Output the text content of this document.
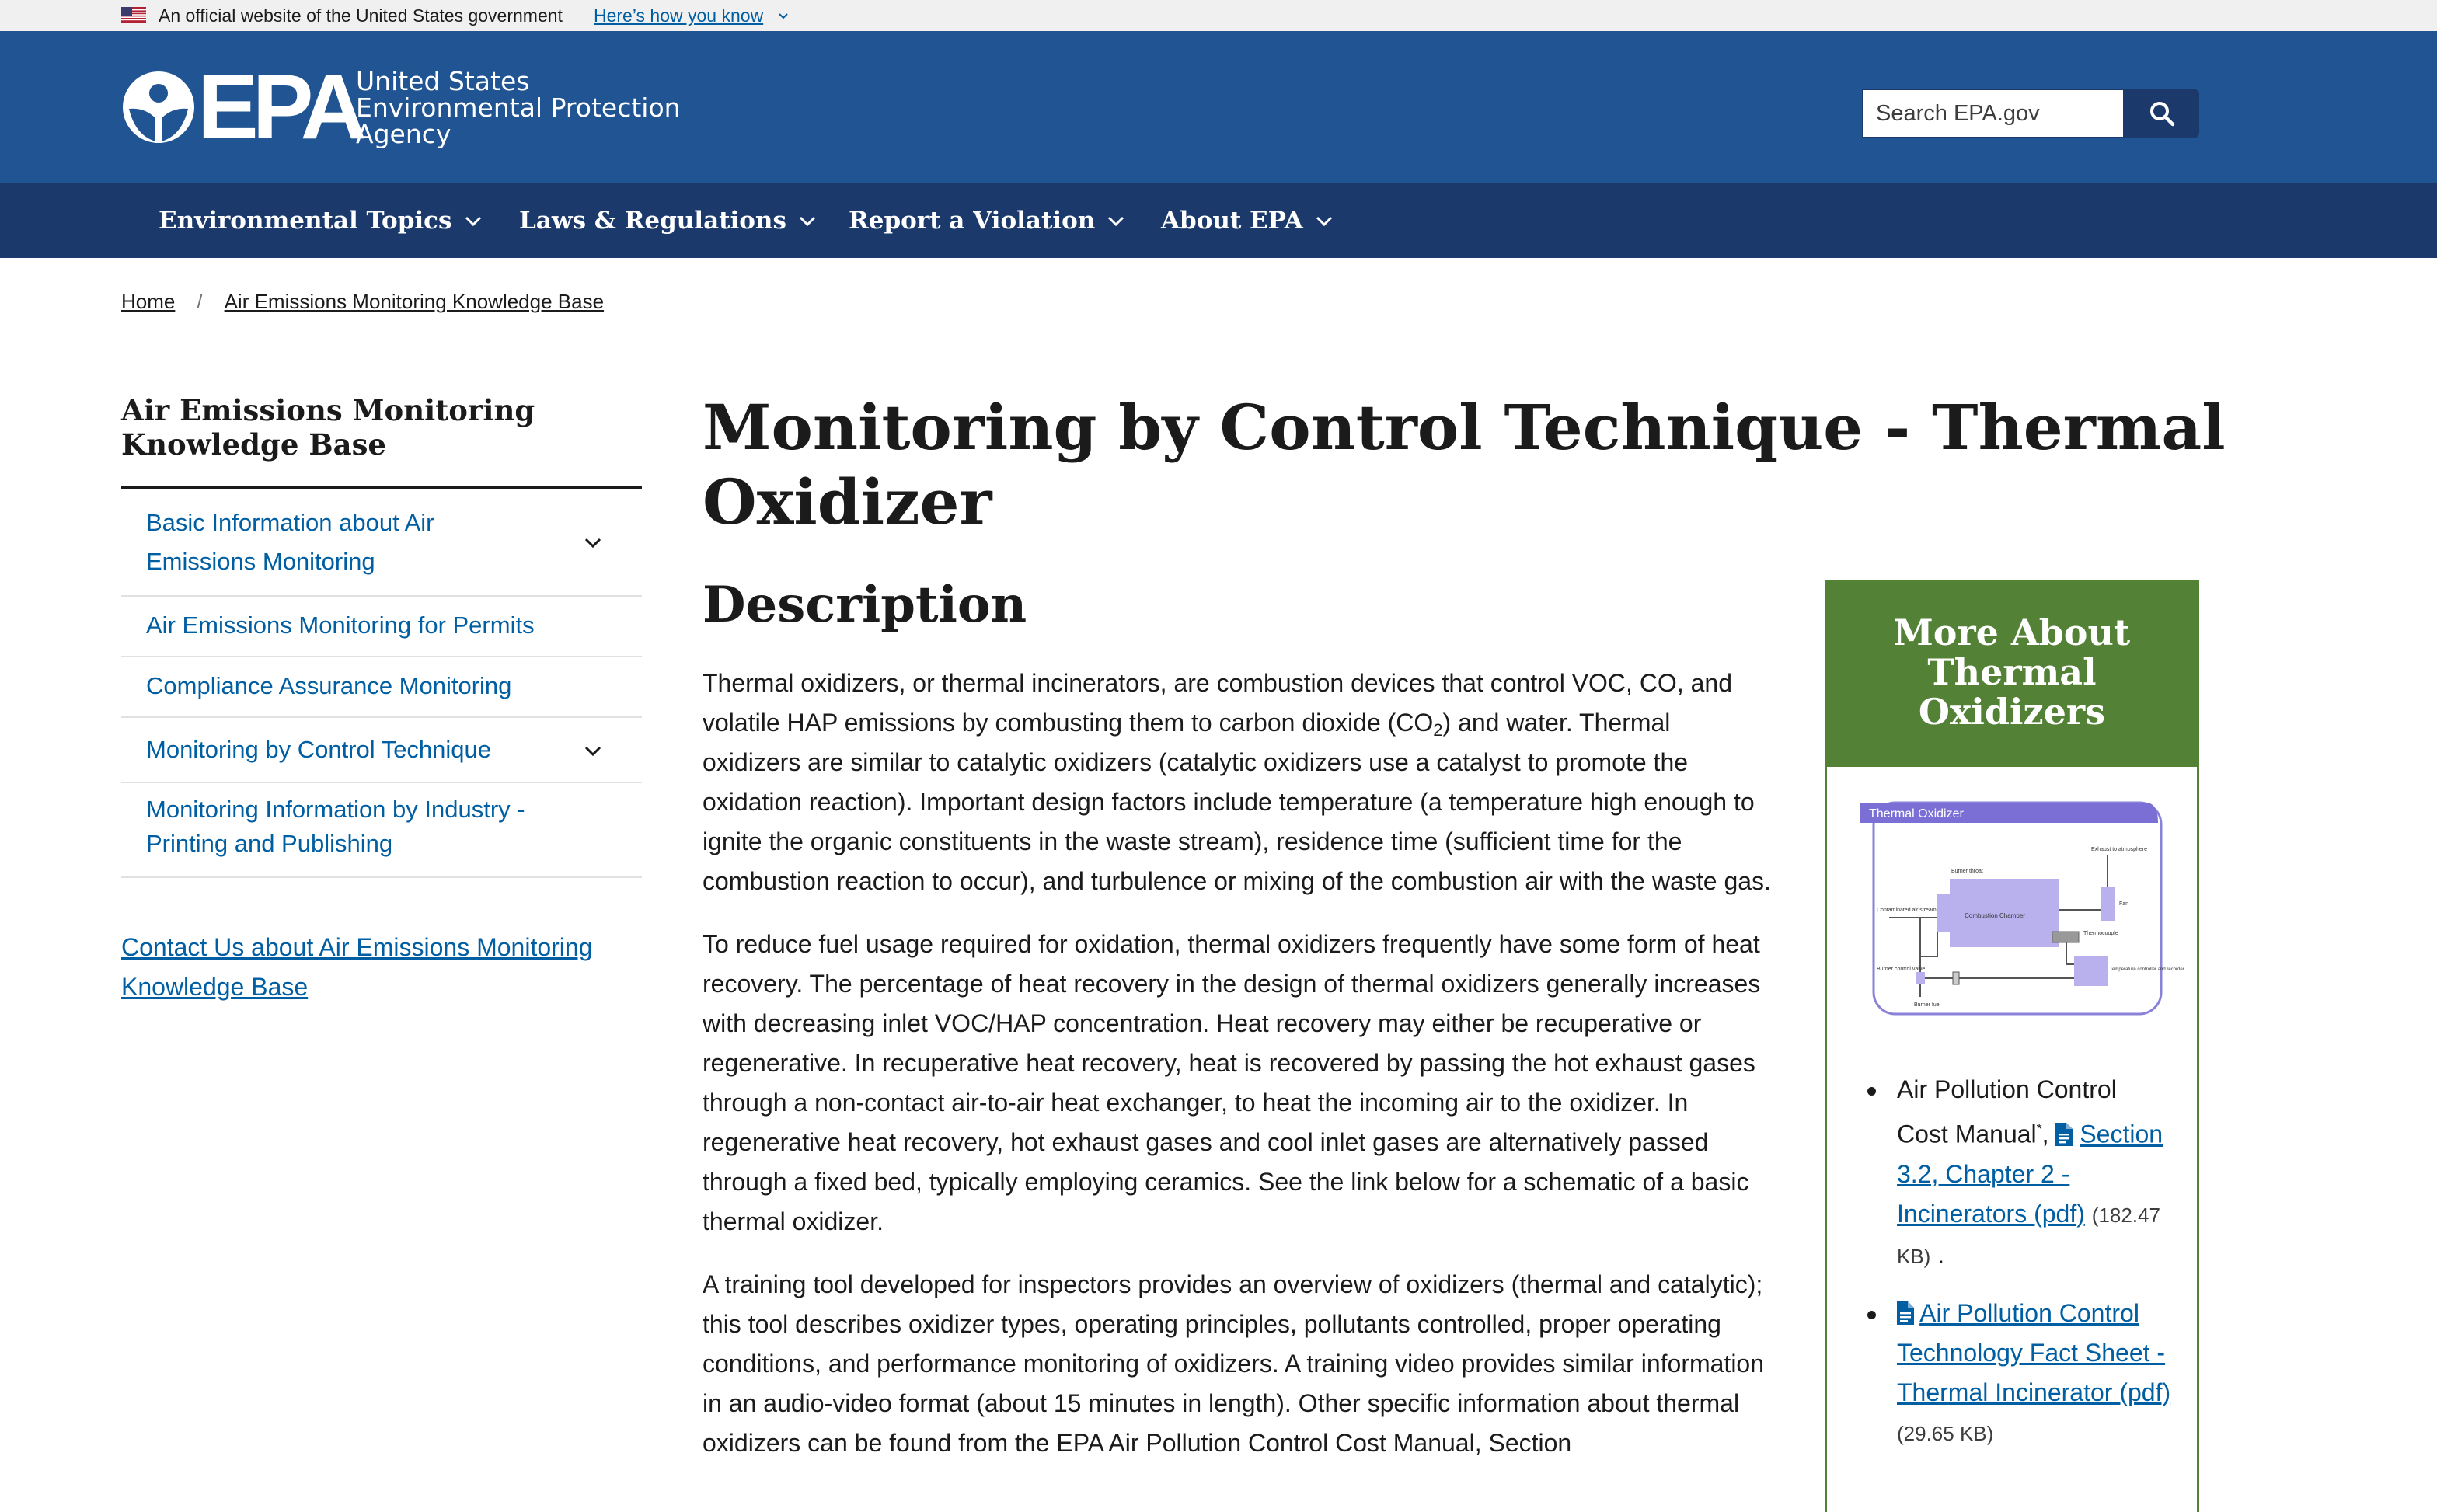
An official website of the United States government Here’s how you know
EPA
United States
Environmental Protection
Agency
Search EPA.gov
Environmental Topics	Laws & Regulations	Report a Violation	About EPA
Home / Air Emissions Monitoring Knowledge Base
Air Emissions Monitoring Knowledge Base
Basic Information about Air Emissions Monitoring
Air Emissions Monitoring for Permits
Compliance Assurance Monitoring
Monitoring by Control Technique
Monitoring Information by Industry - Printing and Publishing
Contact Us about Air Emissions Monitoring Knowledge Base
Monitoring by Control Technique - Thermal Oxidizer
Description

Thermal oxidizers, or thermal incinerators, are combustion devices that control VOC, CO, and volatile HAP emissions by combusting them to carbon dioxide $(CO_2)$ and water. Thermal oxidizers are similar to catalytic oxidizers (catalytic oxidizers use a catalyst to promote the oxidation reaction). Important design factors include temperature (a temperature high enough to ignite the organic constituents in the waste stream), residence time (sufficient time for the combustion reaction to occur), and turbulence or mixing of the combustion air with the waste gas.

To reduce fuel usage required for oxidation, thermal oxidizers frequently have some form of heat recovery. The percentage of heat recovery in the design of thermal oxidizers generally increases with decreasing inlet VOC/HAP concentration. Heat recovery may either be recuperative or regenerative. In recuperative heat recovery, heat is recovered by passing the hot exhaust gases through a non-contact air-to-air heat exchanger, to heat the incoming air to the oxidizer. In regenerative heat recovery, hot exhaust gases and cool inlet gases are alternatively passed through a fixed bed, typically employing ceramics. See the link below for a schematic of a basic thermal oxidizer.

A training tool developed for inspectors provides an overview of oxidizers (thermal and catalytic); this tool describes oxidizer types, operating principles, pollutants controlled, proper operating conditions, and performance monitoring of oxidizers. A training video provides similar information in an audio-video format (about 15 minutes in length). Other specific information about thermal oxidizers can be found from the EPA Air Pollution Control Cost Manual, Section

More About
Thermal
Oxidizers
Thermal Oxidizer
Combustion Chamber
Burner throat
Exhaust to atmosphere
Contaminated air stream
Fan
Thermocouple
Burner control valve	Temperature controller and recorder
Burner fuel
Air Pollution Control Cost Manual*, Section 3.2, Chapter 2 - Incinerators (pdf) (182.47 KB) .
Air Pollution Control Technology Fact Sheet - Thermal Incinerator (pdf) (29.65 KB)
